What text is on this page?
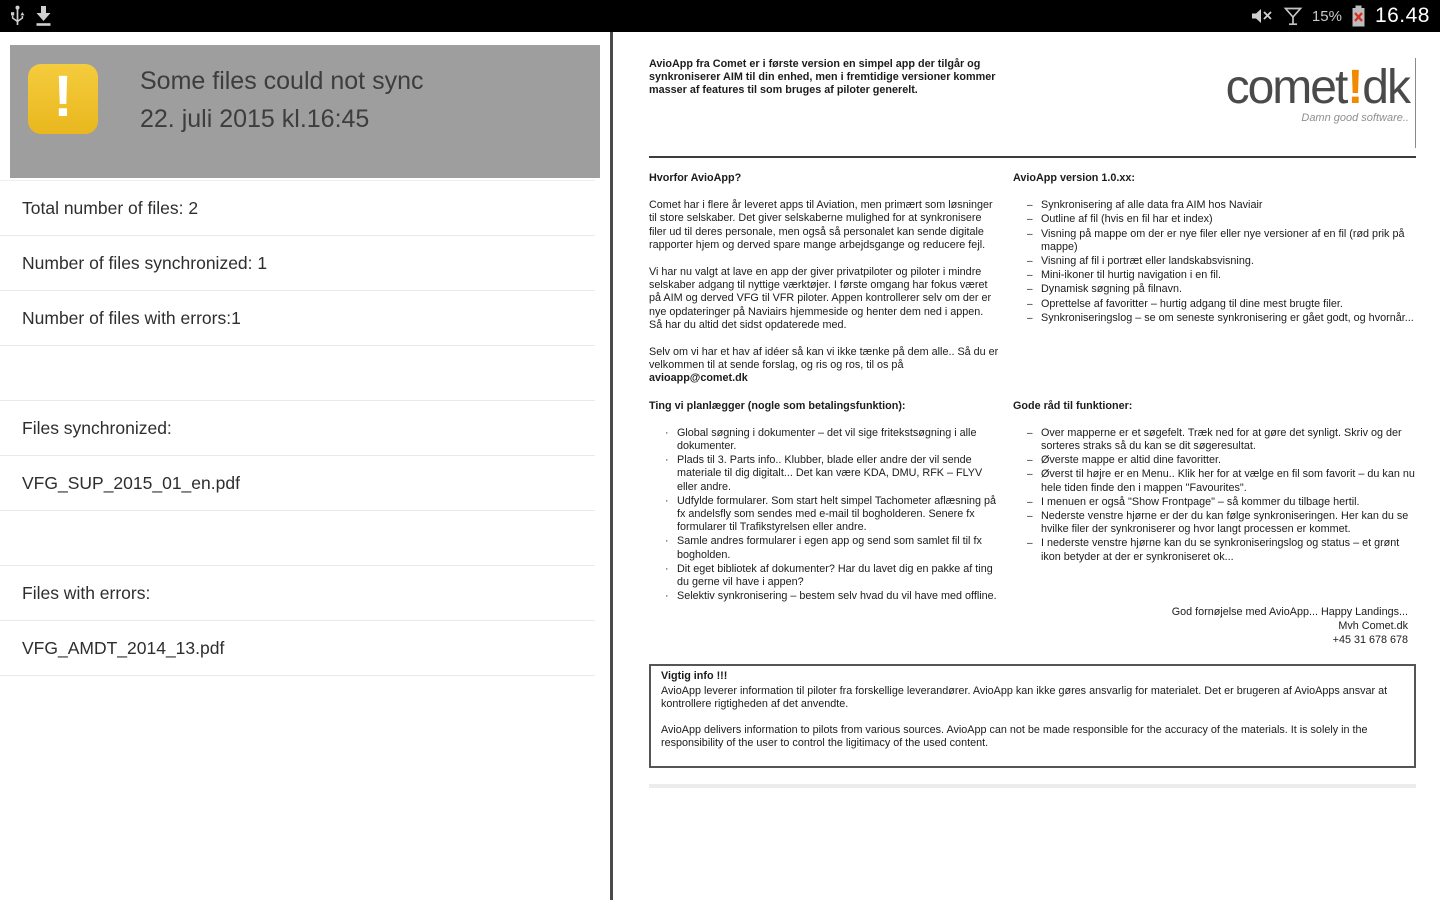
15% 16.48
!	Some files could not sync
22. juli 2015 kl.16:45
Total number of files: 2
Number of files synchronized: 1
Number of files with errors:1
Files synchronized:
VFG_SUP_2015_01_en.pdf
Files with errors:
VFG_AMDT_2014_13.pdf
AvioApp fra Comet er i første version en simpel app der tilgår og synkroniserer AIM til din enhed, men i fremtidige versioner kommer masser af features til som bruges af piloter generelt.	comet!dk
Damn good software..
Hvorfor AvioApp?

Comet har i flere år leveret apps til Aviation, men primært som løsninger til store selskaber. Det giver selskaberne mulighed for at synkronisere filer ud til deres personale, men også så personalet kan sende digitale rapporter hjem og derved spare mange arbejdsgange og reducere fejl.

Vi har nu valgt at lave en app der giver privatpiloter og piloter i mindre selskaber adgang til nyttige værktøjer. I første omgang har fokus været på AIM og derved VFG til VFR piloter. Appen kontrollerer selv om der er nye opdateringer på Naviairs hjemmeside og henter dem ned i appen. Så har du altid det sidst opdaterede med.

Selv om vi har et hav af idéer så kan vi ikke tænke på dem alle.. Så du er velkommen til at sende forslag, og ris og ros, til os på avioapp@comet.dk

AvioApp version 1.0.xx:
– Synkronisering af alle data fra AIM hos Naviair
– Outline af fil (hvis en fil har et index)
– Visning på mappe om der er nye filer eller nye versioner af en fil (rød prik på mappe)
– Visning af fil i portræt eller landskabsvisning.
– Mini-ikoner til hurtig navigation i en fil.
– Dynamisk søgning på filnavn.
– Oprettelse af favoritter – hurtig adgang til dine mest brugte filer.
– Synkroniseringslog – se om seneste synkronisering er gået godt, og hvornår...
Ting vi planlægger (nogle som betalingsfunktion):
· Global søgning i dokumenter – det vil sige fritekstsøgning i alle dokumenter.
· Plads til 3. Parts info.. Klubber, blade eller andre der vil sende materiale til dig digitalt... Det kan være KDA, DMU, RFK – FLYV eller andre.
· Udfylde formularer. Som start helt simpel Tachometer aflæsning på fx andelsfly som sendes med e-mail til bogholderen. Senere fx formularer til Trafikstyrelsen eller andre.
· Samle andres formularer i egen app og send som samlet fil til fx bogholden.
· Dit eget bibliotek af dokumenter? Har du lavet dig en pakke af ting du gerne vil have i appen?
· Selektiv synkronisering – bestem selv hvad du vil have med offline.
Gode råd til funktioner:
– Over mapperne er et søgefelt. Træk ned for at gøre det synligt. Skriv og der sorteres straks så du kan se dit søgeresultat.
– Øverste mappe er altid dine favoritter.
– Øverst til højre er en Menu.. Klik her for at vælge en fil som favorit – du kan nu hele tiden finde den i mappen "Favourites".
– I menuen er også "Show Frontpage" – så kommer du tilbage hertil.
– Nederste venstre hjørne er der du kan følge synkroniseringen. Her kan du se hvilke filer der synkroniserer og hvor langt processen er kommet.
– I nederste venstre hjørne kan du se synkroniseringslog og status – et grønt ikon betyder at der er synkroniseret ok...
God fornøjelse med AvioApp... Happy Landings...
Mvh Comet.dk
+45 31 678 678
Vigtig info !!!

AvioApp leverer information til piloter fra forskellige leverandører. AvioApp kan ikke gøres ansvarlig for materialet. Det er brugeren af AvioApps ansvar at kontrollere rigtigheden af det anvendte.

AvioApp delivers information to pilots from various sources. AvioApp can not be made responsible for the accuracy of the materials. It is solely in the responsibility of the user to control the ligitimacy of the used content.
